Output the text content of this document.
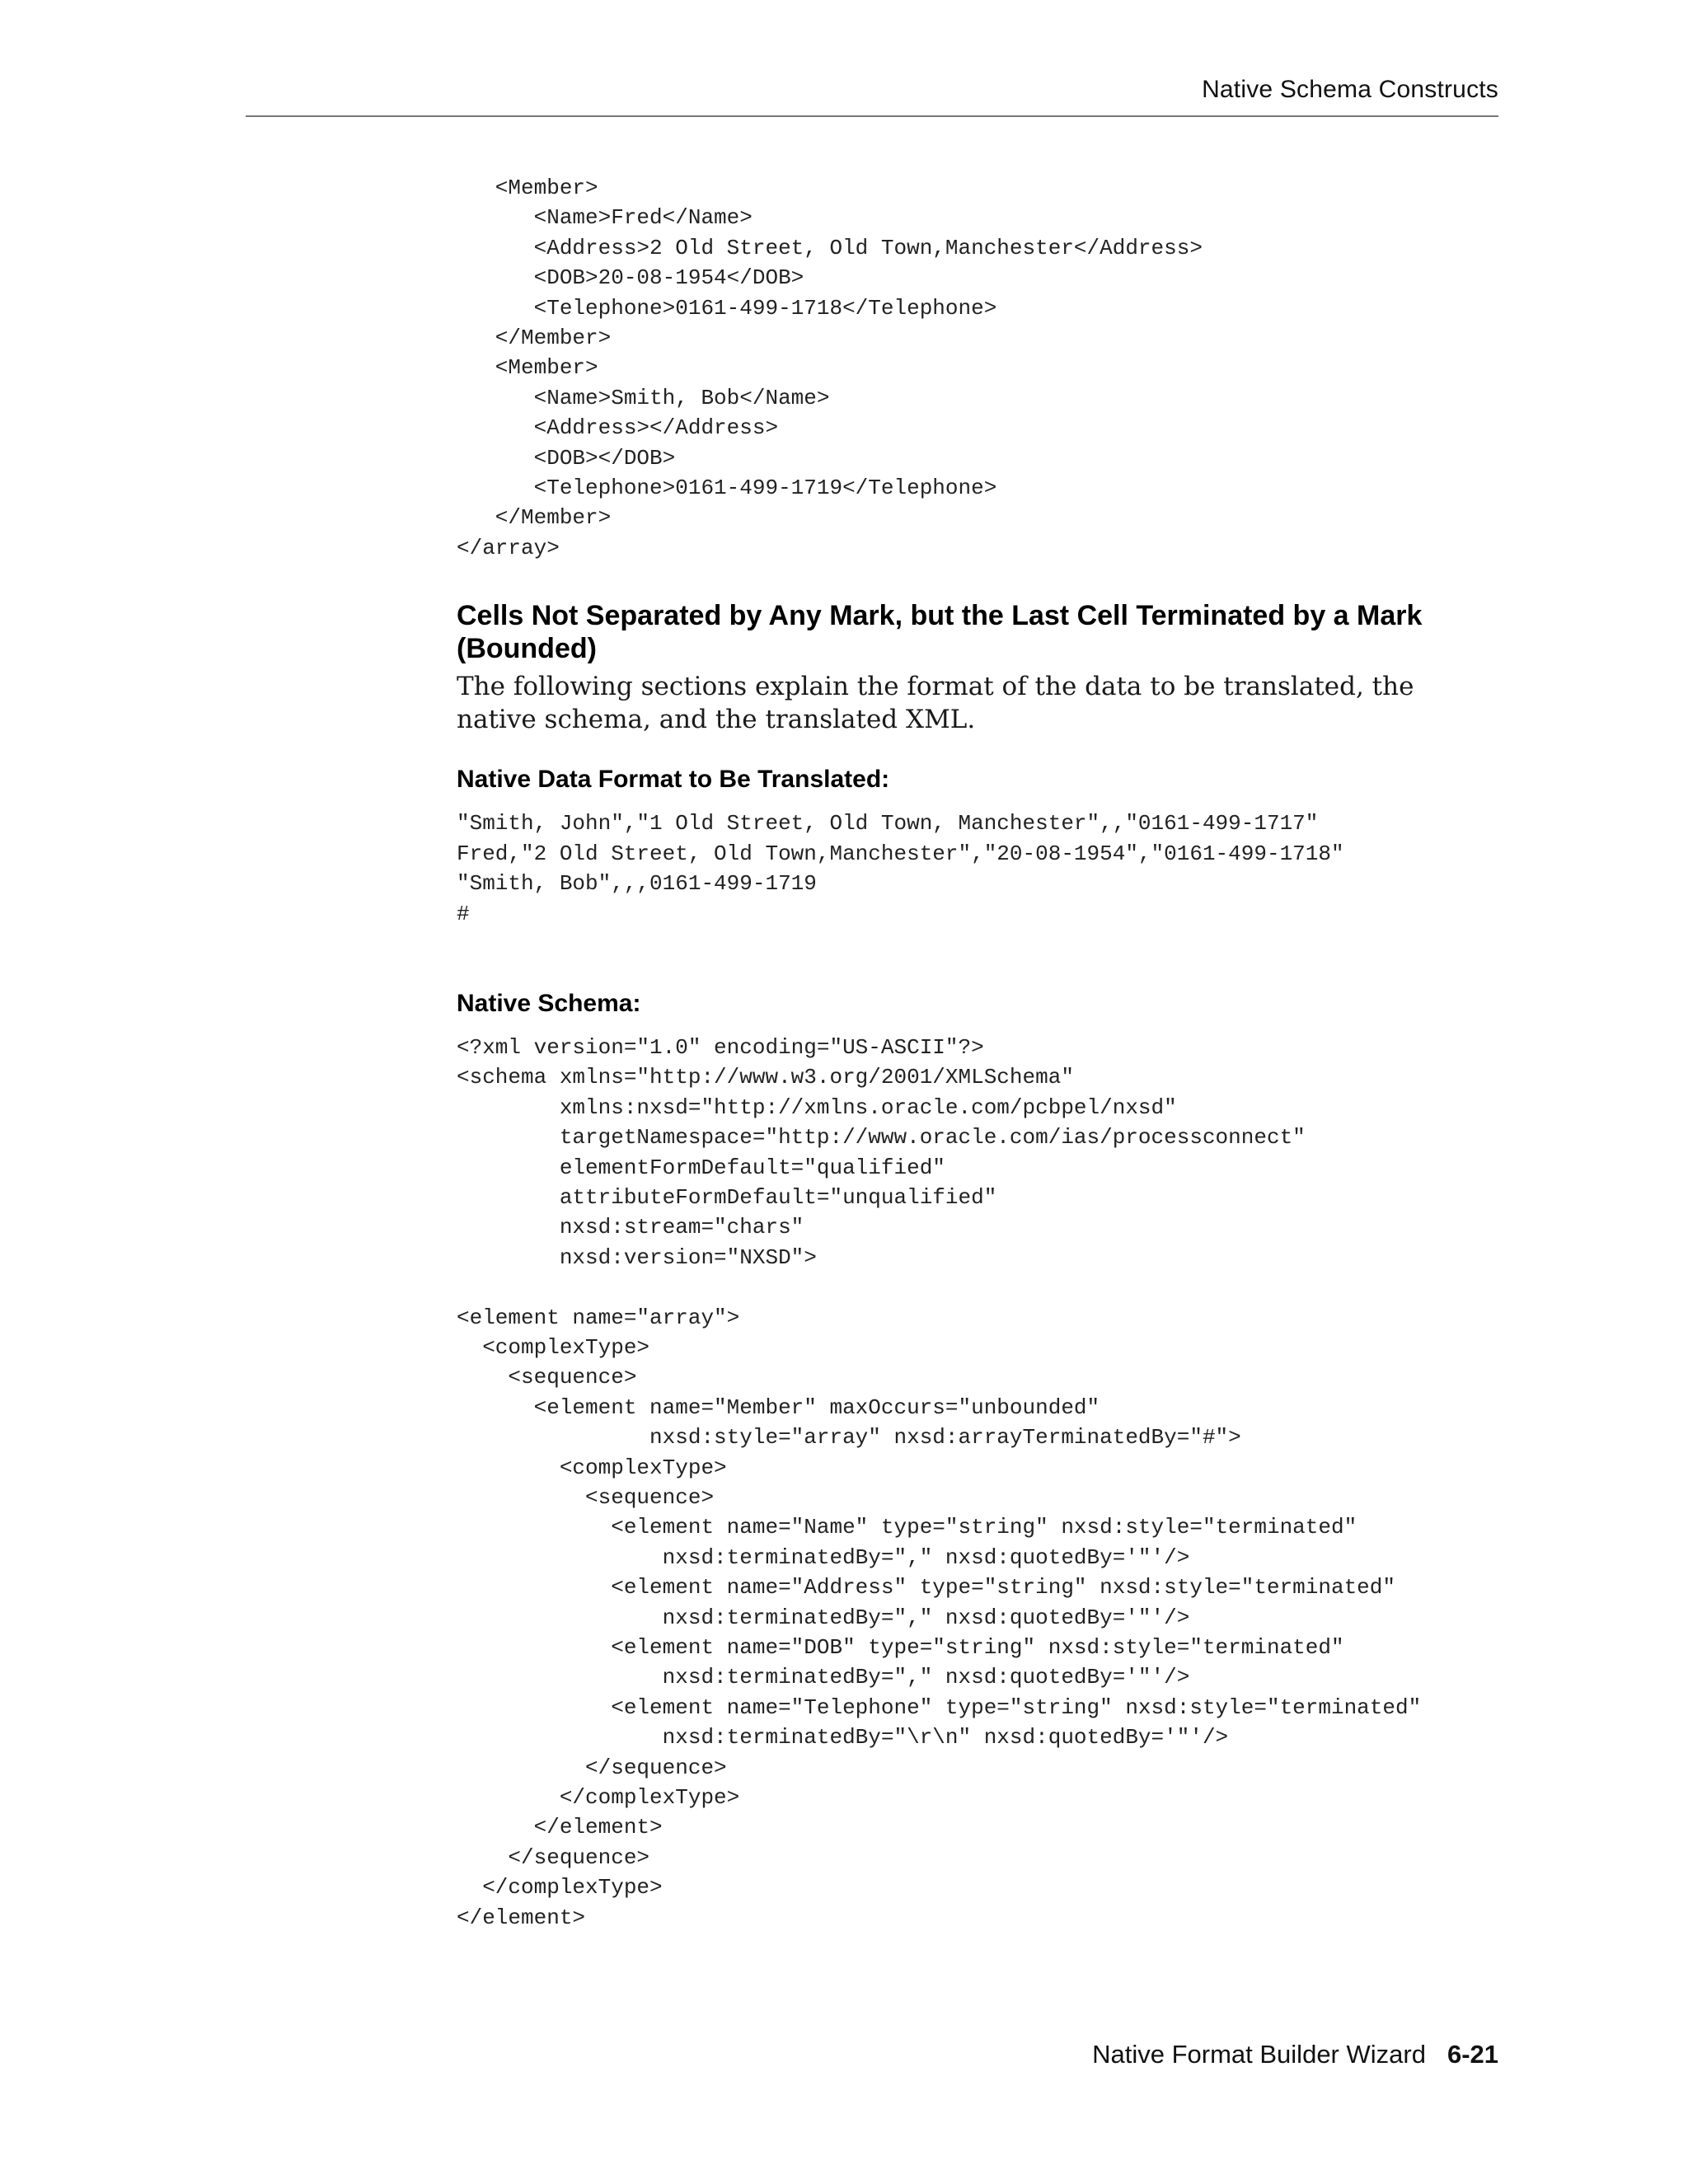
Native Schema Constructs
<Member>
<Name>Fred</Name>
<Address>2 Old Street, Old Town,Manchester</Address>
<DOB>20-08-1954</DOB>
<Telephone>0161-499-1718</Telephone>
</Member>
<Member>
<Name>Smith, Bob</Name>
<Address></Address>
<DOB></DOB>
<Telephone>0161-499-1719</Telephone>
</Member>
</array>
Cells Not Separated by Any Mark, but the Last Cell Terminated by a Mark (Bounded)

The following sections explain the format of the data to be translated, the native schema, and the translated XML.

Native Data Format to Be Translated:
"Smith, John","1 Old Street, Old Town, Manchester",,"0161-499-1717"
Fred,"2 Old Street, Old Town,Manchester","20-08-1954","0161-499-1718"
"Smith, Bob",,,0161-499-1719
#
Native Schema:
<?xml version="1.0" encoding="US-ASCII"?>
<schema xmlns="http://www.w3.org/2001/XMLSchema"
xmlns:nxsd="http://xmlns.oracle.com/pcbpel/nxsd"
targetNamespace="http://www.oracle.com/ias/processconnect"
elementFormDefault="qualified"
attributeFormDefault="unqualified"
nxsd:stream="chars"
nxsd:version="NXSD">

<element name="array">
<complexType>
<sequence>
<element name="Member" maxOccurs="unbounded"
nxsd:style="array" nxsd:arrayTerminatedBy="#">
<complexType>
<sequence>
<element name="Name" type="string" nxsd:style="terminated"
nxsd:terminatedBy="," nxsd:quotedBy='"'/>
<element name="Address" type="string" nxsd:style="terminated"
nxsd:terminatedBy="," nxsd:quotedBy='"'/>
<element name="DOB" type="string" nxsd:style="terminated"
nxsd:terminatedBy="," nxsd:quotedBy='"'/>
<element name="Telephone" type="string" nxsd:style="terminated"
nxsd:terminatedBy="\r\n" nxsd:quotedBy='"'/>
</sequence>
</complexType>
</element>
</sequence>
</complexType>
</element>
Native Format Builder Wizard 6-21
